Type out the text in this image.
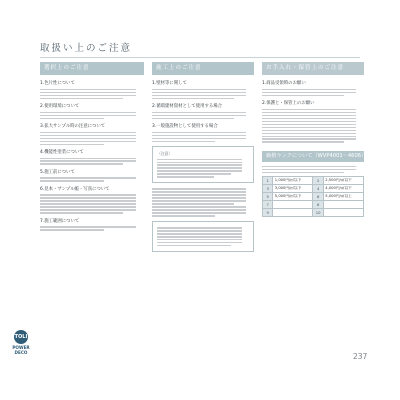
取扱い上のご注意
選択上のご注意
1.色片性について
2.使用環境について
3.拡大サンプル時の注意について
4.機能性塗装について
5.施工前について
6.見本・サンプル帳・写真について
7.施工範囲について
施工上のご注意
1.壁材等に関して
2.循環建材資材として使用する場合
3.一般施設物として使用する場合
〈注意〉
お手入れ・保管上のご注意
1.商品受領時のお願い
2.保護と・保管上のお願い
価格ランクについて（WVP4001〜4606）
1	1,000円/㎡以下	2	2,500円/㎡以下
3	3,000円/㎡以下	4	4,000円/㎡以下
5	5,000円/㎡以下	6	5,000円/㎡以上
7		8	
9		10	
TOLI
POWER DECO	237
